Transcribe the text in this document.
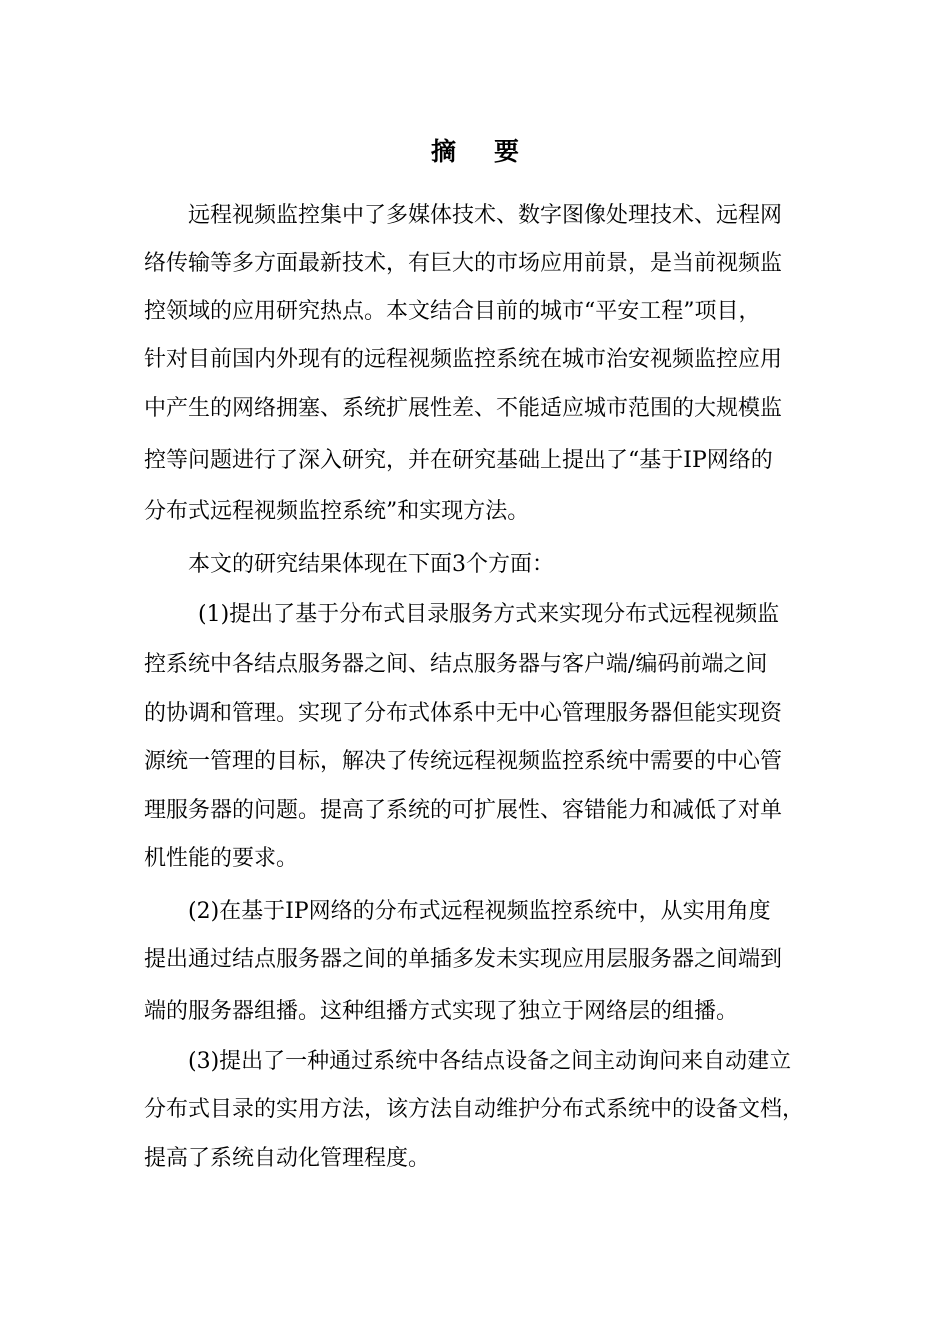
摘要
远程视频监控集中了多媒体技术、数字图像处理技术、远程网
络传输等多方面最新技术，有巨大的市场应用前景，是当前视频监
控领域的应用研究热点。本文结合目前的城市“平安工程”项目，
针对目前国内外现有的远程视频监控系统在城市治安视频监控应用
中产生的网络拥塞、系统扩展性差、不能适应城市范围的大规模监
控等问题进行了深入研究，并在研究基础上提出了“基于IP网络的
分布式远程视频监控系统”和实现方法。
本文的研究结果体现在下面3个方面：
(1)提出了基于分布式目录服务方式来实现分布式远程视频监
控系统中各结点服务器之间、结点服务器与客户端/编码前端之间
的协调和管理。实现了分布式体系中无中心管理服务器但能实现资
源统一管理的目标，解决了传统远程视频监控系统中需要的中心管
理服务器的问题。提高了系统的可扩展性、容错能力和减低了对单
机性能的要求。
(2)在基于IP网络的分布式远程视频监控系统中，从实用角度
提出通过结点服务器之间的单插多发未实现应用层服务器之间端到
端的服务器组播。这种组播方式实现了独立于网络层的组播。
(3)提出了一种通过系统中各结点设备之间主动询问来自动建立
分布式目录的实用方法，该方法自动维护分布式系统中的设备文档，
提高了系统自动化管理程度。
